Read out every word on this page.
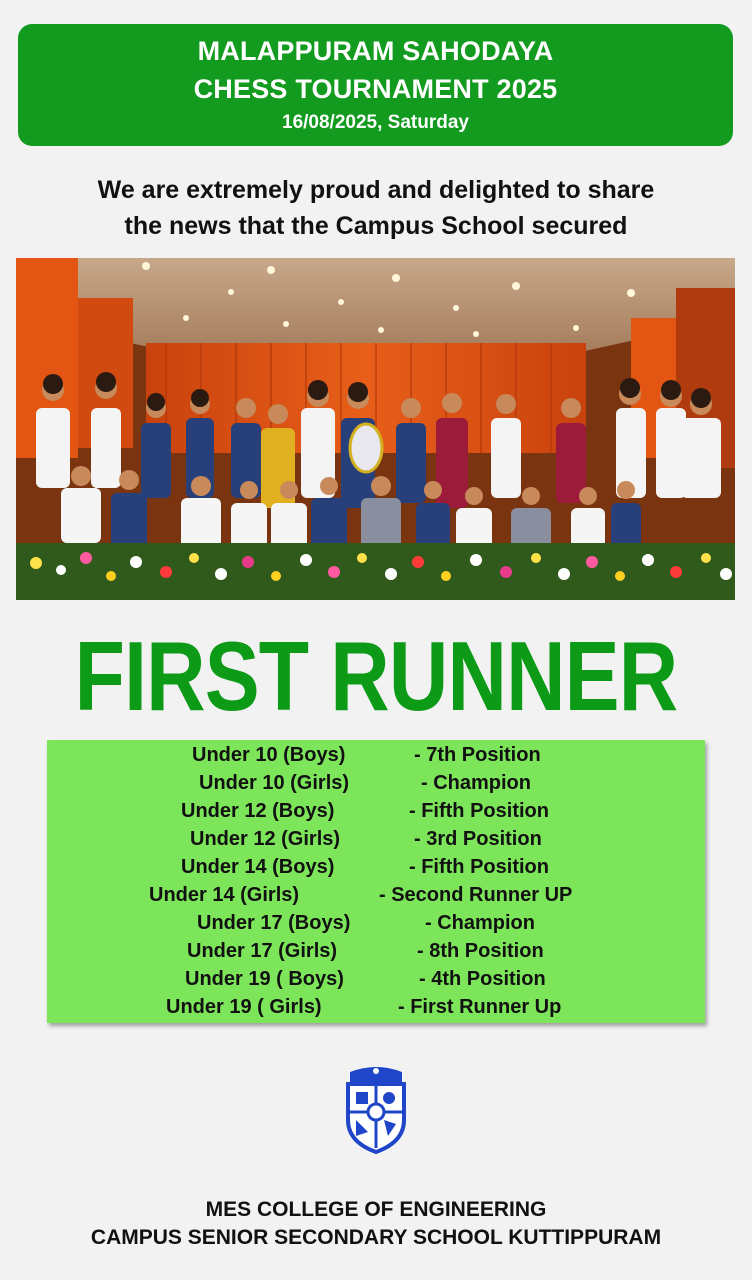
MALAPPURAM SAHODAYA
CHESS TOURNAMENT 2025
16/08/2025, Saturday
We are extremely proud and delighted to share
the news that the Campus School secured
FIRST RUNNER
Under 10 (Boys)	- 7th Position
Under 10 (Girls)	- Champion
Under 12 (Boys)	- Fifth Position
Under 12 (Girls)	- 3rd Position
Under 14 (Boys)	- Fifth Position
Under 14 (Girls)	- Second Runner UP
Under 17 (Boys)	- Champion
Under 17 (Girls)	- 8th Position
Under 19 ( Boys)	- 4th Position
Under 19 ( Girls)	- First Runner Up
MES COLLEGE OF ENGINEERING
CAMPUS SENIOR SECONDARY SCHOOL KUTTIPPURAM
